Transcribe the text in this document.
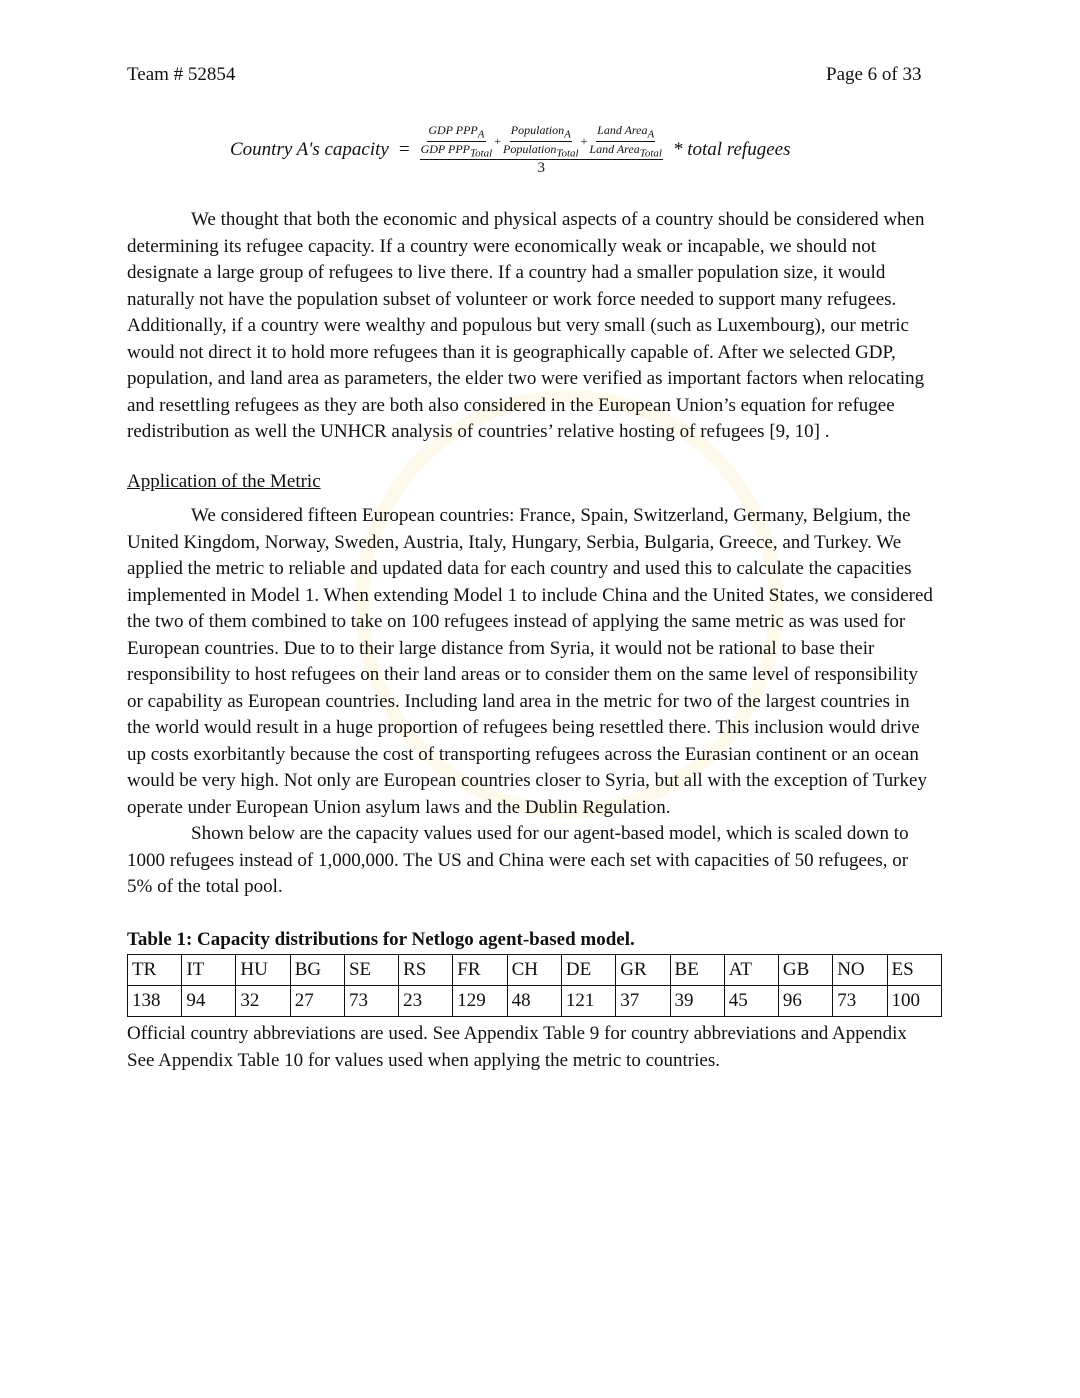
Team # 52854	Page 6 of 33
Country A's capacity = $\frac{GDP PPP_A}{GDP PPP_{Total}} + \frac{Population_A}{Population_{Total}} + \frac{Land Area_A}{Land Area_{Total}}$
3
* total refugees
We thought that both the economic and physical aspects of a country should be considered when
determining its refugee capacity. If a country were economically weak or incapable, we should not
designate a large group of refugees to live there. If a country had a smaller population size, it would
naturally not have the population subset of volunteer or work force needed to support many refugees.
Additionally, if a country were wealthy and populous but very small (such as Luxembourg), our metric
would not direct it to hold more refugees than it is geographically capable of. After we selected GDP,
population, and land area as parameters, the elder two were verified as important factors when relocating
and resettling refugees as they are both also considered in the European Union’s equation for refugee
redistribution as well the UNHCR analysis of countries’ relative hosting of refugees [9, 10] .
Application of the Metric
We considered fifteen European countries: France, Spain, Switzerland, Germany, Belgium, the
United Kingdom, Norway, Sweden, Austria, Italy, Hungary, Serbia, Bulgaria, Greece, and Turkey. We
applied the metric to reliable and updated data for each country and used this to calculate the capacities
implemented in Model 1. When extending Model 1 to include China and the United States, we considered
the two of them combined to take on 100 refugees instead of applying the same metric as was used for
European countries. Due to to their large distance from Syria, it would not be rational to base their
responsibility to host refugees on their land areas or to consider them on the same level of responsibility
or capability as European countries. Including land area in the metric for two of the largest countries in
the world would result in a huge proportion of refugees being resettled there. This inclusion would drive
up costs exorbitantly because the cost of transporting refugees across the Eurasian continent or an ocean
would be very high. Not only are European countries closer to Syria, but all with the exception of Turkey
operate under European Union asylum laws and the Dublin Regulation.
Shown below are the capacity values used for our agent-based model, which is scaled down to
1000 refugees instead of 1,000,000. The US and China were each set with capacities of 50 refugees, or
5% of the total pool.
Table 1: Capacity distributions for Netlogo agent-based model.
TR	IT	HU	BG	SE	RS	FR	CH	DE	GR	BE	AT	GB	NO	ES
138	94	32	27	73	23	129	48	121	37	39	45	96	73	100
Official country abbreviations are used. See Appendix Table 9 for country abbreviations and Appendix
See Appendix Table 10 for values used when applying the metric to countries.
